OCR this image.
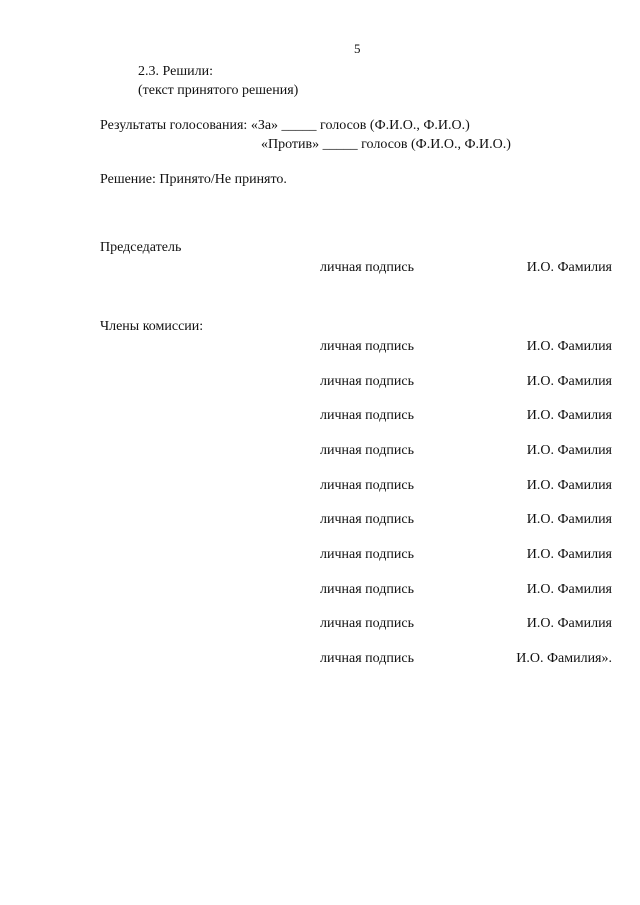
5
2.3. Решили:
(текст принятого решения)
Результаты голосования: «За» _____ голосов (Ф.И.О., Ф.И.О.)
«Против» _____ голосов (Ф.И.О., Ф.И.О.)
Решение: Принято/Не принято.
Председатель
личная подпись	И.О. Фамилия
Члены комиссии:
личная подпись	И.О. Фамилия
личная подпись	И.О. Фамилия
личная подпись	И.О. Фамилия
личная подпись	И.О. Фамилия
личная подпись	И.О. Фамилия
личная подпись	И.О. Фамилия
личная подпись	И.О. Фамилия
личная подпись	И.О. Фамилия
личная подпись	И.О. Фамилия
личная подпись	И.О. Фамилия».
